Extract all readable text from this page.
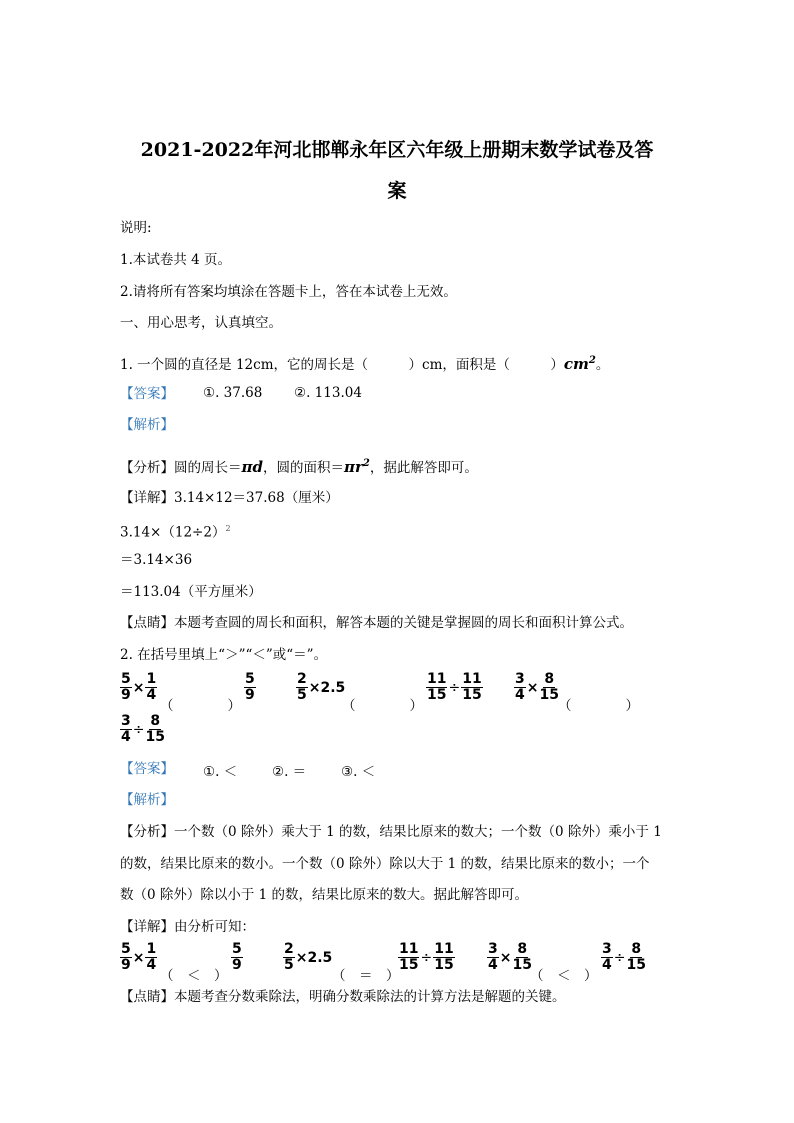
2021-2022年河北邯郸永年区六年级上册期末数学试卷及答
案
说明:
1.本试卷共 4 页。
2.请将所有答案均填涂在答题卡上，答在本试卷上无效。
一、用心思考，认真填空。
1. 一个圆的直径是 12cm，它的周长是（　　　）cm，面积是（　　　）$cm^2$。
【答案】	①. 37.68 ②. 113.04
【解析】
【分析】圆的周长＝πd，圆的面积$=\pi r^2$，据此解答即可。
【详解】3.14×12＝37.68（厘米）
$3.14\times(12\div 2)^2$
＝3.14×36
＝113.04（平方厘米）
【点睛】本题考查圆的周长和面积，解答本题的关键是掌握圆的周长和面积计算公式。
2. 在括号里填上“＞”“＜”或“＝”。
$\frac{5}{9} \times \frac{1}{4}$
（　　　　）
$\frac{5}{9}$	$\frac{2}{5} \times 2.5$
（　　　　）
$\frac{11}{15} \div \frac{11}{15} \frac{3}{4} \times \frac{8}{15}$
（　　　　）
$\frac{3}{4} \div \frac{8}{15}$
【答案】	①. ＜	②. ＝	③. ＜
【解析】
【分析】一个数（0 除外）乘大于 1 的数，结果比原来的数大；一个数（0 除外）乘小于 1
的数，结果比原来的数小。一个数（0 除外）除以大于 1 的数，结果比原来的数小；一个
数（0 除外）除以小于 1 的数，结果比原来的数大。据此解答即可。
【详解】由分析可知：
$\frac{5}{9} \times \frac{1}{4}$
（　＜　）
$\frac{5}{9}$	$\frac{2}{5} \times 2.5$
（　＝　）
$\frac{11}{15} \div \frac{11}{15} \frac{3}{4} \times \frac{8}{15}$
（　＜　）
$\frac{3}{4} \div \frac{8}{15}$
【点睛】本题考查分数乘除法，明确分数乘除法的计算方法是解题的关键。
